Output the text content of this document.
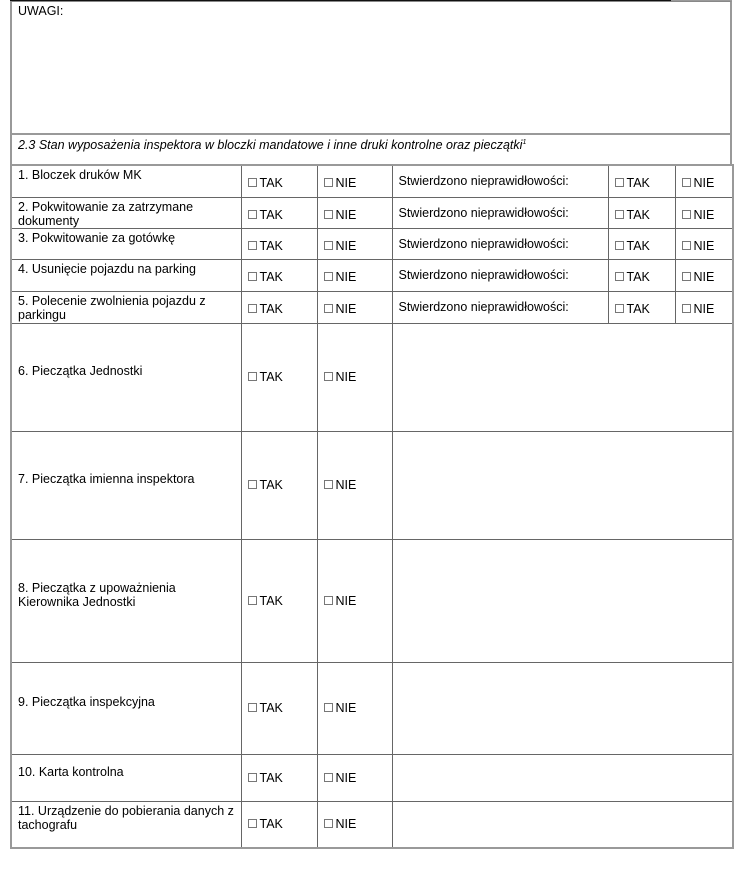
UWAGI:
2.3 Stan wyposażenia inspektora w bloczki mandatowe i inne druki kontrolne oraz pieczątki$^1$
1. Bloczek druków MK	TAK	NIE	Stwierdzono nieprawidłowości:	TAK	NIE
2. Pokwitowanie za zatrzymane dokumenty	TAK	NIE	Stwierdzono nieprawidłowości:	TAK	NIE
3. Pokwitowanie za gotówkę	TAK	NIE	Stwierdzono nieprawidłowości:	TAK	NIE
4. Usunięcie pojazdu na parking	TAK	NIE	Stwierdzono nieprawidłowości:	TAK	NIE
5. Polecenie zwolnienia pojazdu z parkingu	TAK	NIE	Stwierdzono nieprawidłowości:	TAK	NIE
6. Pieczątka Jednostki	TAK	NIE			
7. Pieczątka imienna inspektora	TAK	NIE			
8. Pieczątka z upoważnienia Kierownika Jednostki	TAK	NIE			
9. Pieczątka inspekcyjna	TAK	NIE			
10. Karta kontrolna	TAK	NIE			
11. Urządzenie do pobierania danych z tachografu	TAK	NIE			
